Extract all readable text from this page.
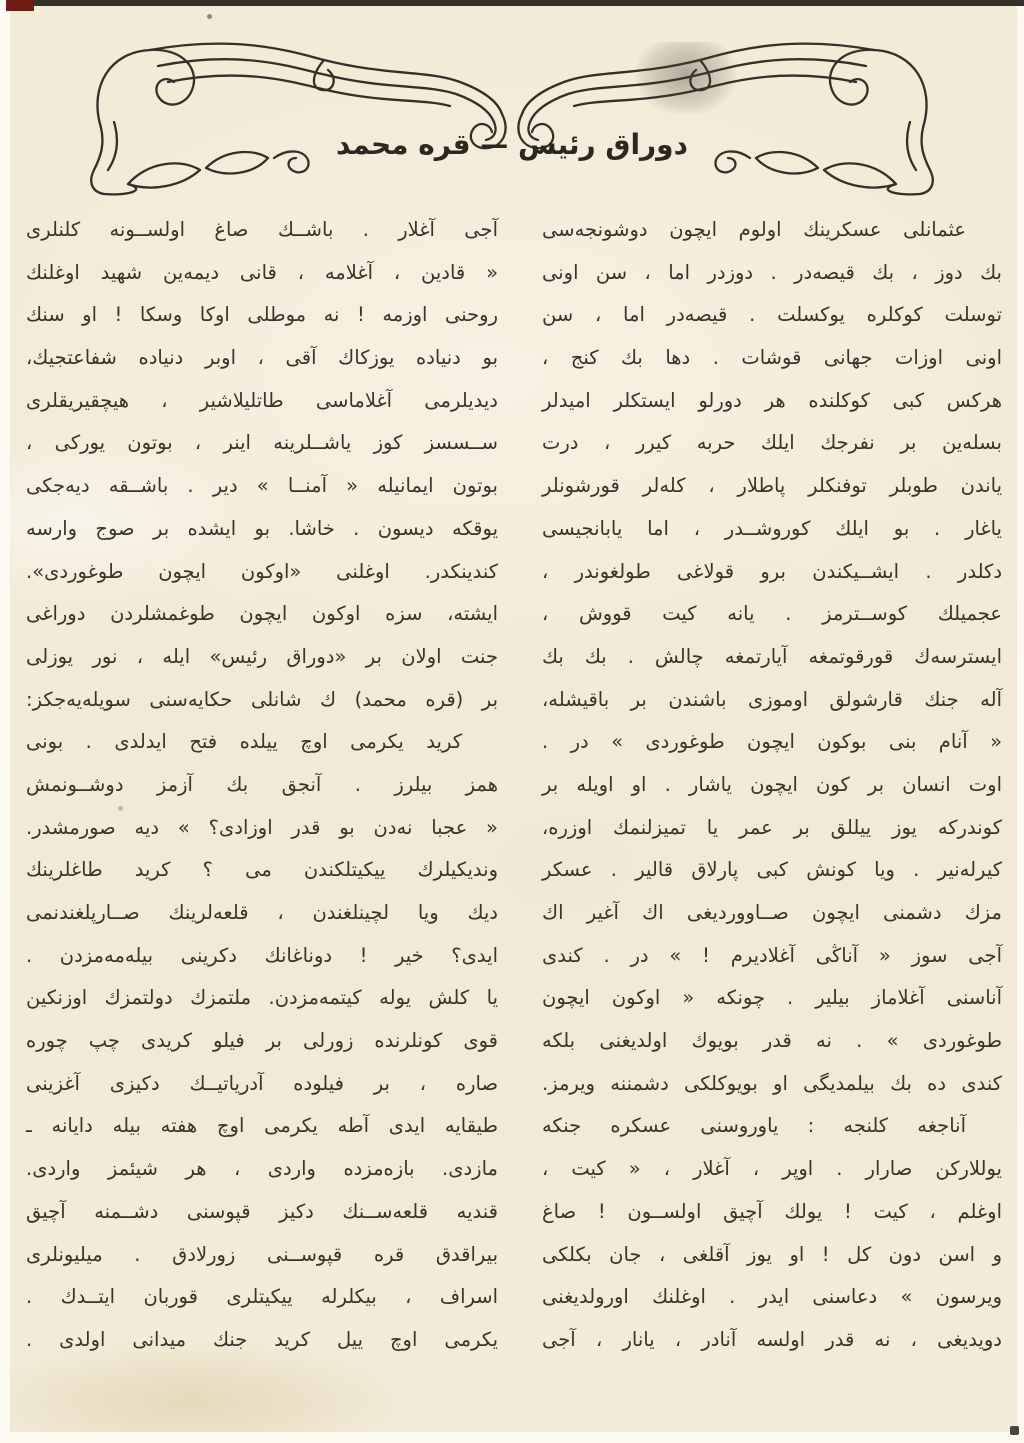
دوراق رئيس — قره محمد
عثمانلى عسكرينك اولوم ايچون دوشونجه‌سى
بك دوز ، بك قيصه‌در . دوزدر اما ، سن اونى
توسلت كوكلره يوكسلت . قيصه‌در اما ، سن
اونى اوزات جهانى قوشات . دها بك كنج ،
هركس كبى كوكلنده هر دورلو ايستكلر اميدلر
بسله‌ين بر نفرجك ايلك حربه كيرر ، درت
ياندن طوبلر توفنكلر پاطلار ، كله‌لر قورشونلر
ياغار . بو ايلك كوروشــدر ، اما يابانجيسى
دكلدر . ايشــيكندن برو قولاغى طولغوندر ،
عجميلك كوســترمز . يانه كيت قووش ،
ايسترسه‌ك قورقوتمغه آيارتمغه چالش . بك بك
آله جنك قارشولق اوموزى باشندن بر باقيشله،
« آنام بنى بوكون ايچون طوغوردى » در .
اوت انسان بر كون ايچون ياشار . او اويله بر
كوندركه يوز ييللق بر عمر يا تميزلنمك اوزره،
كيرله‌نير . ويا كونش كبى پارلاق قالير . عسكر
مزك دشمنى ايچون صــاوورديغى اك آغير اك
آجى سوز « آناڭى آغلاديرم ! » در . كندى
آناسنى آغلاماز بيلير . چونكه « اوكون ايچون
طوغوردى » . نه قدر بويوك اولديغنى بلكه
كندى ده بك بيلمديگى او بويوكلكى دشمننه ويرمز.
آناجغه كلنجه : ياوروسنى عسكره جنكه
يوللاركن صارار . اوپر ، آغلار ، « كيت ،
اوغلم ، كيت ! يولك آچيق اولســون ! صاغ
و اسن دون كل ! او يوز آقلغى ، جان بكلكى
ويرسون » دعاسنى ايدر . اوغلنك اورولديغنى
دويديغى ، نه قدر اولسه آنادر ، يانار ، آجى
آجى آغلار . باشــك صاغ اولســونه كلنلرى
« قادين ، آغلامه ، قانى ديمه‌ين شهيد اوغلنك
روحنى اوزمه ! نه موطلى اوكا وسكا ! او سنك
بو دنياده يوزكاك آقى ، اوبر دنياده شفاعتجيك،
ديديلرمى آغلاماسى طاتليلاشير ، هيچقيريقلرى
ســسسز كوز ياشــلرينه اينر ، بوتون يوركى ،
بوتون ايمانيله « آمنــا » دير . باشــقه ديه‌جكى
يوقكه ديسون . خاشا. بو ايشده بر صوج وارسه
كندينكدر. اوغلنى «اوكون ايچون طوغوردى».
ايشته، سزه اوكون ايچون طوغمشلردن دوراغى
جنت اولان بر «دوراق رئيس» ايله ، نور يوزلى
بر (قره محمد) ك شانلى حكايه‌سنى سويله‌يه‌جكز:
كريد يكرمى اوچ ييلده فتح ايدلدى . بونى
همز بيلرز . آنجق بك آزمز دوشــونمش
« عجبا نه‌دن بو قدر اوزادى؟ » ديه صورمشدر.
ونديكيلرك ييكيتلكندن مى ؟ كريد طاغلرينك
ديك ويا لچينلغندن ، قلعه‌لرينك صــارپلغندنمى
ايدى؟ خير ! دوناغانك دكرينى بيله‌مه‌مزدن .
يا كلش يوله كيتمه‌مزدن. ملتمزك دولتمزك اوزنكين
قوى كونلرنده زورلى بر فيلو كريدى چپ چوره
صاره ، بر فيلوده آدرياتيــك دكيزى آغزينى
طيقايه ايدى آطه يكرمى اوچ هفته بيله دايانه ـ
مازدى. بازه‌مزده واردى ، هر شيئمز واردى.
قنديه قلعه‌ســنك دكيز قپوسنى دشــمنه آچيق
بيراقدق قره قپوســنى زورلادق . ميليونلرى
اسراف ، بيكلرله ييكيتلرى قوربان ايتــدك .
يكرمى اوچ ييل كريد جنك ميدانى اولدى .
